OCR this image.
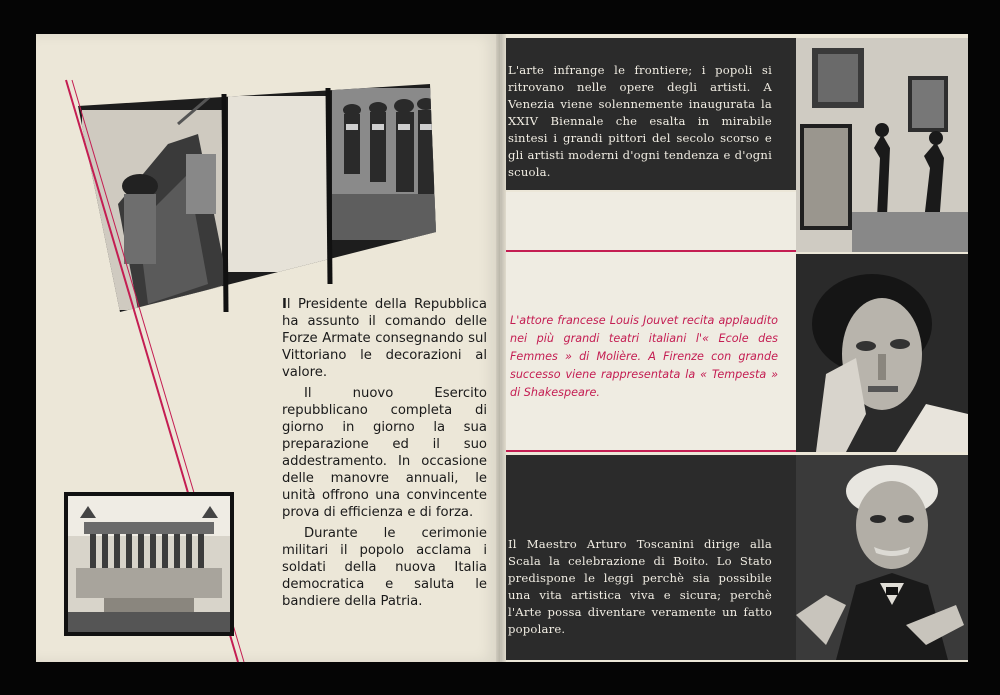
Il Presidente della Repubblica ha assunto il comando delle Forze Armate consegnando sul Vittoriano le decorazioni al valore.

Il nuovo Esercito repubblicano completa di giorno in giorno la sua preparazione ed il suo addestramento. In occasione delle manovre annuali, le unità offrono una convincente prova di efficienza e di forza.

Durante le cerimonie militari il popolo acclama i soldati della nuova Italia democratica e saluta le bandiere della Patria.

L'arte infrange le frontiere; i popoli si ritrovano nelle opere degli artisti. A Venezia viene solennemente inaugurata la XXIV Biennale che esalta in mirabile sintesi i grandi pittori del secolo scorso e gli artisti moderni d'ogni tendenza e d'ogni scuola.
L'attore francese Louis Jouvet recita applaudito nei più grandi teatri italiani l'« Ecole des Femmes » di Molière. A Firenze con grande successo viene rappresentata la « Tempesta » di Shakespeare.
Il Maestro Arturo Toscanini dirige alla Scala la celebrazione di Boito. Lo Stato predispone le leggi perchè sia possibile una vita artistica viva e sicura; perchè l'Arte possa diventare veramente un fatto popolare.
